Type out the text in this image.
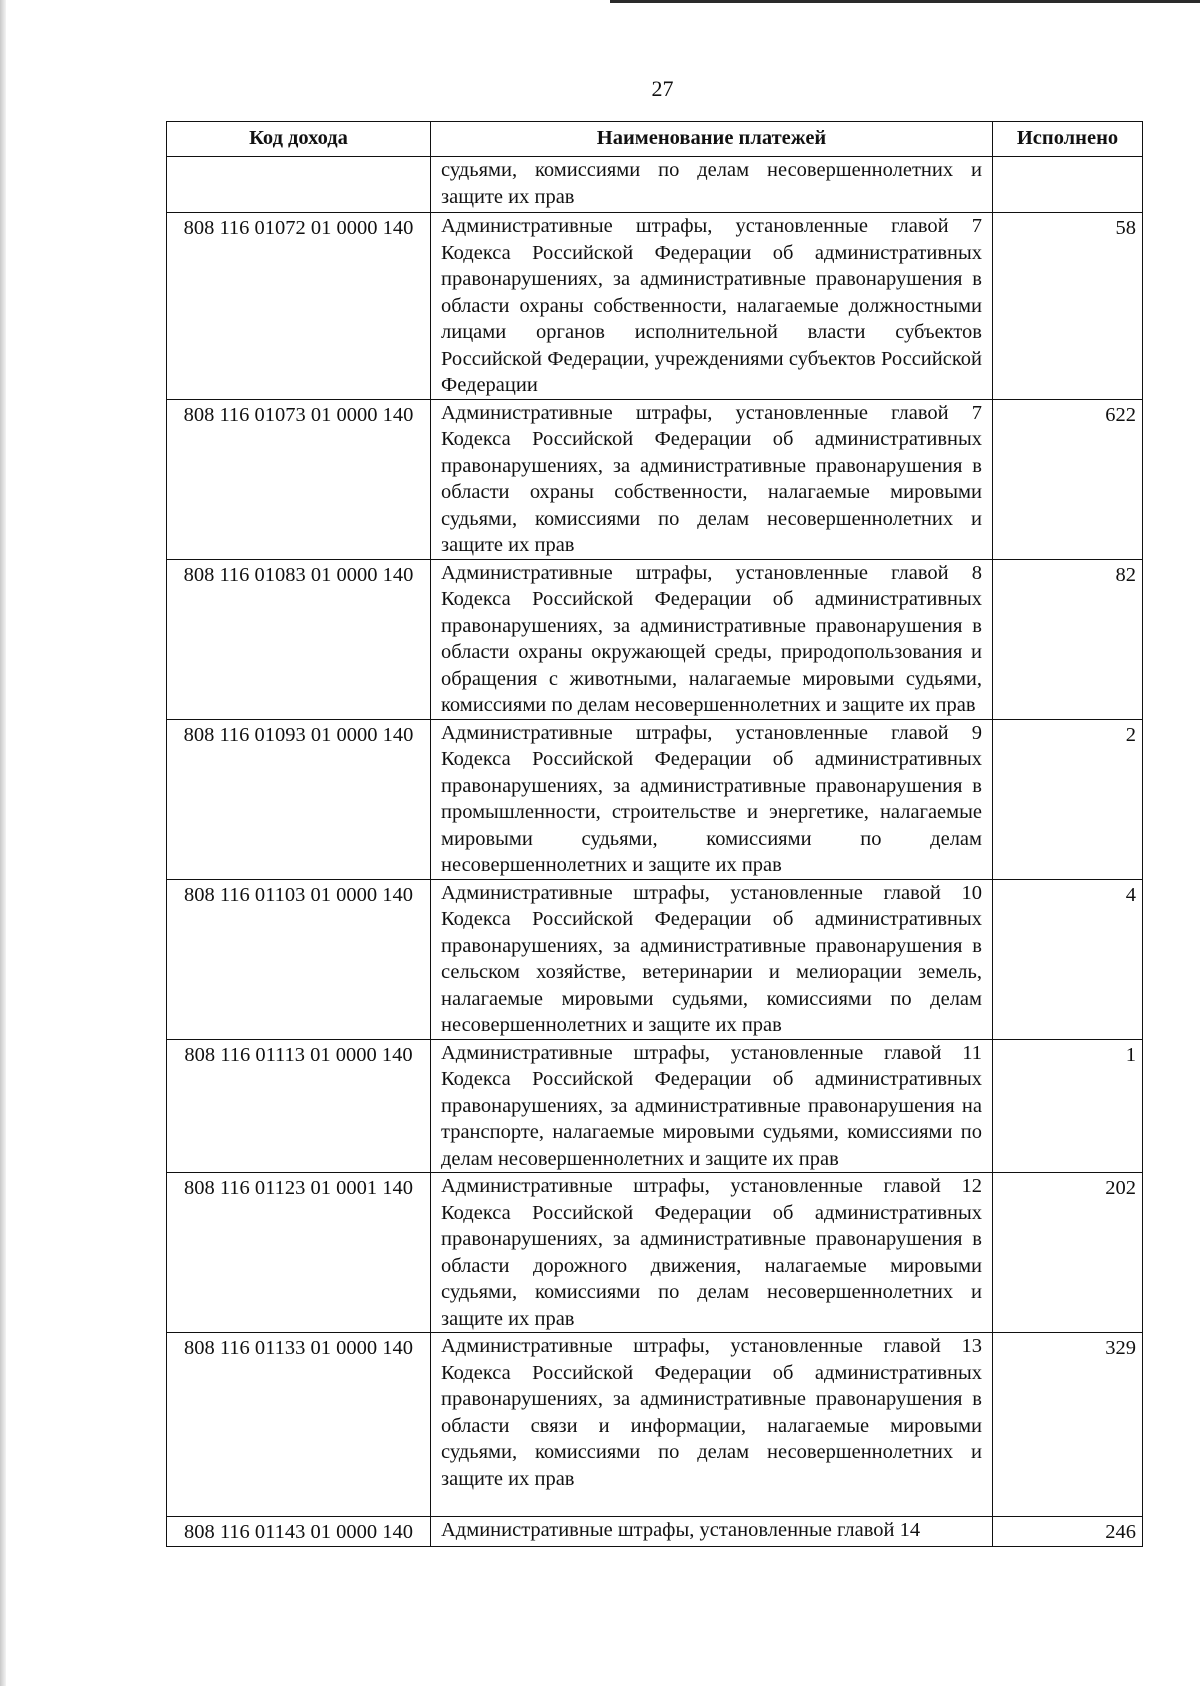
27
Код дохода	Наименование платежей	Исполнено
	судьями, комиссиями по делам несовершеннолетних и защите их прав	
808 116 01072 01 0000 140	Административные штрафы, установленные главой 7 Кодекса Российской Федерации об административных правонарушениях, за административные правонарушения в области охраны собственности, налагаемые должностными лицами органов исполнительной власти субъектов Российской Федерации, учреждениями субъектов Российской Федерации	58
808 116 01073 01 0000 140	Административные штрафы, установленные главой 7 Кодекса Российской Федерации об административных правонарушениях, за административные правонарушения в области охраны собственности, налагаемые мировыми судьями, комиссиями по делам несовершеннолетних и защите их прав	622
808 116 01083 01 0000 140	Административные штрафы, установленные главой 8 Кодекса Российской Федерации об административных правонарушениях, за административные правонарушения в области охраны окружающей среды, природопользования и обращения с животными, налагаемые мировыми судьями, комиссиями по делам несовершеннолетних и защите их прав	82
808 116 01093 01 0000 140	Административные штрафы, установленные главой 9 Кодекса Российской Федерации об административных правонарушениях, за административные правонарушения в промышленности, строительстве и энергетике, налагаемые мировыми судьями, комиссиями по делам несовершеннолетних и защите их прав	2
808 116 01103 01 0000 140	Административные штрафы, установленные главой 10 Кодекса Российской Федерации об административных правонарушениях, за административные правонарушения в сельском хозяйстве, ветеринарии и мелиорации земель, налагаемые мировыми судьями, комиссиями по делам несовершеннолетних и защите их прав	4
808 116 01113 01 0000 140	Административные штрафы, установленные главой 11 Кодекса Российской Федерации об административных правонарушениях, за административные правонарушения на транспорте, налагаемые мировыми судьями, комиссиями по делам несовершеннолетних и защите их прав	1
808 116 01123 01 0001 140	Административные штрафы, установленные главой 12 Кодекса Российской Федерации об административных правонарушениях, за административные правонарушения в области дорожного движения, налагаемые мировыми судьями, комиссиями по делам несовершеннолетних и защите их прав	202
808 116 01133 01 0000 140	Административные штрафы, установленные главой 13 Кодекса Российской Федерации об административных правонарушениях, за административные правонарушения в области связи и информации, налагаемые мировыми судьями, комиссиями по делам несовершеннолетних и защите их прав	329
808 116 01143 01 0000 140	Административные штрафы, установленные главой 14	246
